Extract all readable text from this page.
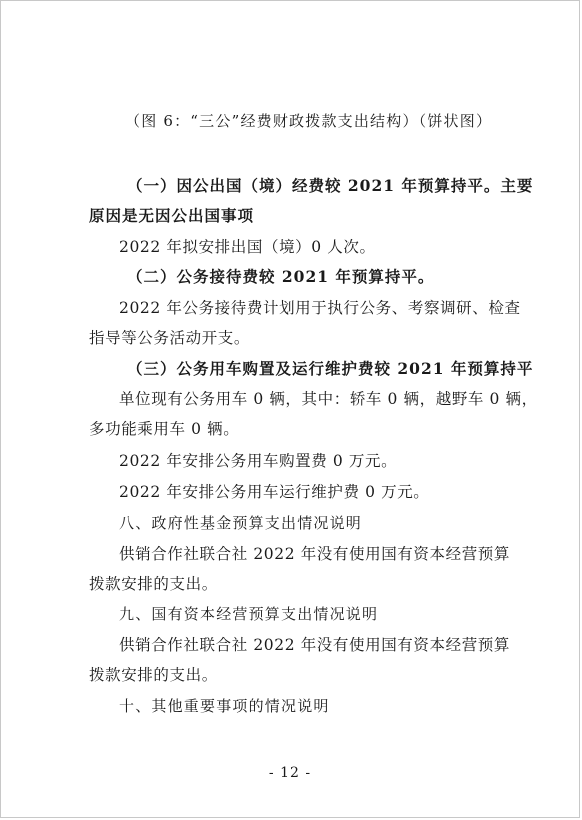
（图 6：“三公”经费财政拨款支出结构）（饼状图）
（一）因公出国（境）经费较 2021 年预算持平。主要
原因是无因公出国事项
2022 年拟安排出国（境）0 人次。
（二）公务接待费较 2021 年预算持平。
2022 年公务接待费计划用于执行公务、考察调研、检查
指导等公务活动开支。
（三）公务用车购置及运行维护费较 2021 年预算持平
单位现有公务用车 0 辆，其中：轿车 0 辆，越野车 0 辆，
多功能乘用车 0 辆。
2022 年安排公务用车购置费 0 万元。
2022 年安排公务用车运行维护费 0 万元。
八、政府性基金预算支出情况说明
供销合作社联合社 2022 年没有使用国有资本经营预算
拨款安排的支出。
九、国有资本经营预算支出情况说明
供销合作社联合社 2022 年没有使用国有资本经营预算
拨款安排的支出。
十、其他重要事项的情况说明
- 12 -
